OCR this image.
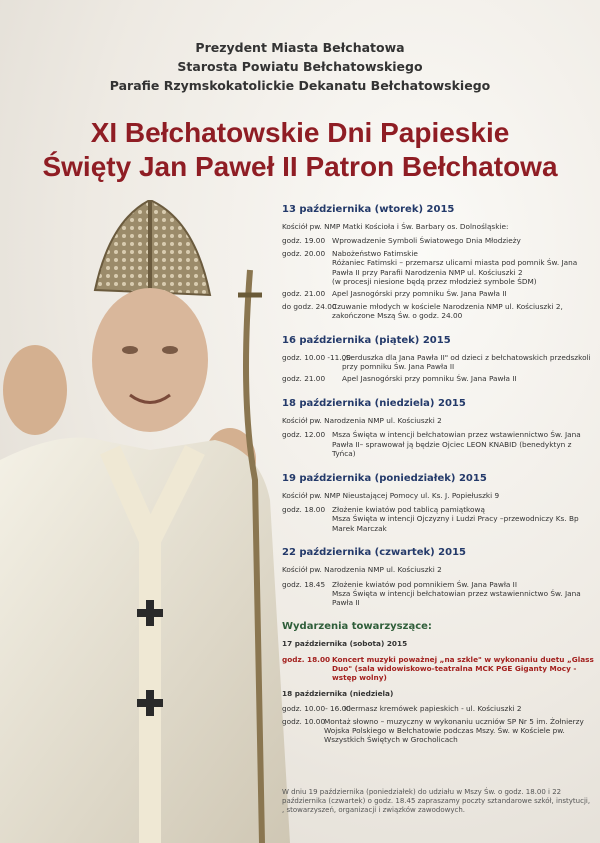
Prezydent Miasta Bełchatowa
Starosta Powiatu Bełchatowskiego
Parafie Rzymskokatolickie Dekanatu Bełchatowskiego
XI Bełchatowskie Dni Papieskie
Święty Jan Paweł II Patron Bełchatowa
13 października (wtorek) 2015
Kościół pw. NMP Matki Kościoła i Św. Barbary os. Dolnośląskie:
godz. 19.00 Wprowadzenie Symboli Światowego Dnia Młodzieży
godz. 20.00 Nabożeństwo Fatimskie
Różaniec Fatimski – przemarsz ulicami miasta pod pomnik Św. Jana Pawła II przy Parafii Narodzenia NMP ul. Kościuszki 2
(w procesji niesione będą przez młodzież symbole ŚDM)
godz. 21.00 Apel Jasnogórski przy pomniku Św. Jana Pawła II
do godz. 24.00
Czuwanie młodych w kościele Narodzenia NMP ul. Kościuszki 2, zakończone Mszą Św. o godz. 24.00
16 października (piątek) 2015
godz. 10.00 -11.00
„Serduszka dla Jana Pawła II" od dzieci z bełchatowskich przedszkoli przy pomniku Św. Jana Pawła II
godz. 21.00	Apel Jasnogórski przy pomniku Św. Jana Pawła II
18 października (niedziela) 2015
Kościół pw. Narodzenia NMP ul. Kościuszki 2
godz. 12.00 Msza Święta w intencji bełchatowian przez wstawiennictwo Św. Jana Pawła II– sprawował ją będzie Ojciec LEON KNABID (benedyktyn z Tyńca)
19 października (poniedziałek) 2015
Kościół pw. NMP Nieustającej Pomocy ul. Ks. J. Popiełuszki 9
godz. 18.00 Złożenie kwiatów pod tablicą pamiątkową
Msza Święta w intencji Ojczyzny i Ludzi Pracy –przewodniczy Ks. Bp Marek Marczak
22 października (czwartek) 2015
Kościół pw. Narodzenia NMP ul. Kościuszki 2
godz. 18.45 Złożenie kwiatów pod pomnikiem Św. Jana Pawła II
Msza Święta w intencji bełchatowian przez wstawiennictwo Św. Jana Pawła II
Wydarzenia towarzyszące:
17 października (sobota) 2015
godz. 18.00 Koncert muzyki poważnej „na szkle" w wykonaniu duetu „Glass Duo" (sala widowiskowo-teatralna MCK PGE Giganty Mocy - wstęp wolny)
18 października (niedziela)
godz. 10.00- 16.00
Kiermasz kremówek papieskich - ul. Kościuszki 2
godz. 10.00
Montaż słowno – muzyczny w wykonaniu uczniów SP Nr 5 im. Żołnierzy Wojska Polskiego w Bełchatowie podczas Mszy. Św. w Kościele pw. Wszystkich Świętych w Grocholicach
W dniu 19 października (poniedziałek) do udziału w Mszy Św. o godz. 18.00 i 22 października (czwartek) o godz. 18.45 zapraszamy poczty sztandarowe szkół, instytucji, , stowarzyszeń, organizacji i związków zawodowych.
